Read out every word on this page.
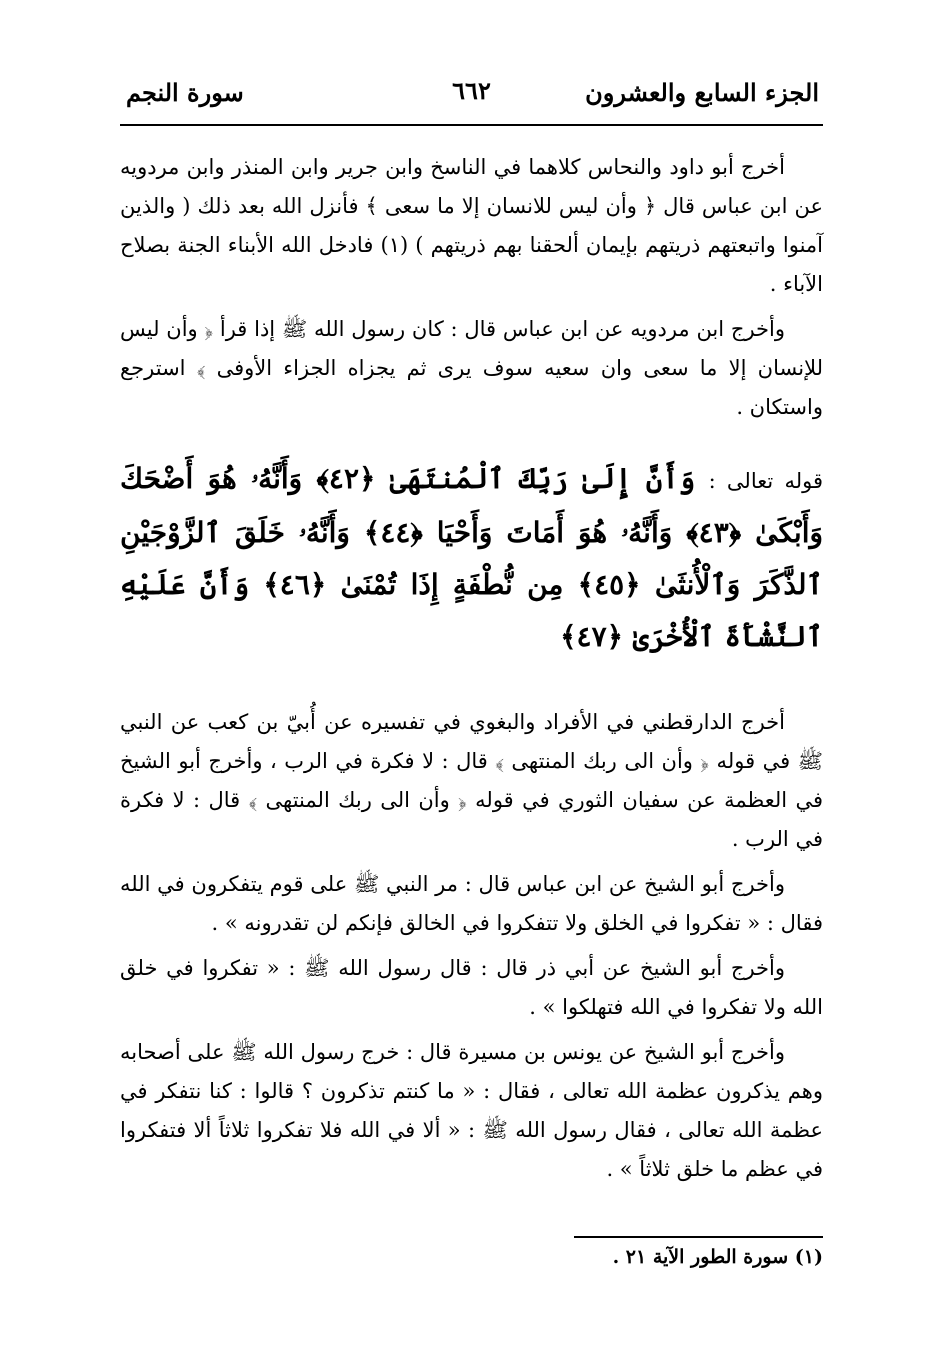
الجزء السابع والعشرون
٦٦٢
سورة النجم

أخرج أبو داود والنحاس كلاهما في الناسخ وابن جرير وابن المنذر وابن مردويه عن ابن عباس قال ﴿ وأن ليس للانسان إلا ما سعى ﴾ فأنزل الله بعد ذلك ( والذين آمنوا واتبعتهم ذريتهم بإيمان ألحقنا بهم ذريتهم ) (١) فادخل الله الأبناء الجنة بصلاح الآباء .

وأخرج ابن مردويه عن ابن عباس قال : كان رسول الله ﷺ إذا قرأ ﴿ وأن ليس للإنسان إلا ما سعى وان سعيه سوف يرى ثم يجزاه الجزاء الأوفى ﴾ استرجع واستكان .

قوله تعالى : وَأَنَّ إِلَىٰ رَبِّكَ ٱلْمُنتَهَىٰ ﴿٤٢﴾ وَأَنَّهُۥ هُوَ أَضْحَكَ وَأَبْكَىٰ ﴿٤٣﴾ وَأَنَّهُۥ هُوَ أَمَاتَ وَأَحْيَا ﴿٤٤﴾ وَأَنَّهُۥ خَلَقَ ٱلزَّوْجَيْنِ ٱلذَّكَرَ وَٱلْأُنثَىٰ ﴿٤٥﴾ مِن نُّطْفَةٍ إِذَا تُمْنَىٰ ﴿٤٦﴾ وَأَنَّ عَلَيْهِ ٱلنَّشْأَةَ ٱلْأُخْرَىٰ ﴿٤٧﴾

أخرج الدارقطني في الأفراد والبغوي في تفسيره عن أُبيّ بن كعب عن النبي ﷺ في قوله ﴿ وأن الى ربك المنتهى ﴾ قال : لا فكرة في الرب ، وأخرج أبو الشيخ في العظمة عن سفيان الثوري في قوله ﴿ وأن الى ربك المنتهى ﴾ قال : لا فكرة في الرب .

وأخرج أبو الشيخ عن ابن عباس قال : مر النبي ﷺ على قوم يتفكرون في الله فقال : « تفكروا في الخلق ولا تتفكروا في الخالق فإنكم لن تقدرونه » .

وأخرج أبو الشيخ عن أبي ذر قال : قال رسول الله ﷺ : « تفكروا في خلق الله ولا تفكروا في الله فتهلكوا » .

وأخرج أبو الشيخ عن يونس بن مسيرة قال : خرج رسول الله ﷺ على أصحابه وهم يذكرون عظمة الله تعالى ، فقال : « ما كنتم تذكرون ؟ قالوا : كنا نتفكر في عظمة الله تعالى ، فقال رسول الله ﷺ : « ألا في الله فلا تفكروا ثلاثاً ألا فتفكروا في عظم ما خلق ثلاثاً » .

(١) سورة الطور الآية ٢١ .
